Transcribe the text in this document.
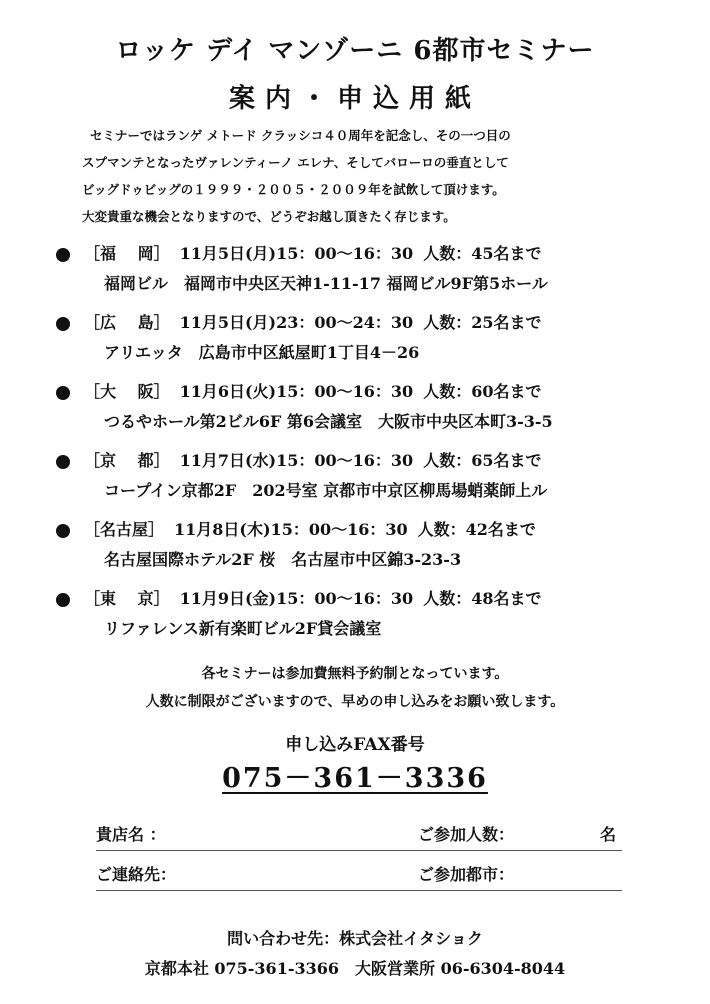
ロッケ デイ マンゾーニ 6都市セミナー
案内・申込用紙
セミナーではランゲ メトード クラッシコ４０周年を記念し、その一つ目の
スプマンテとなったヴァレンティーノ エレナ、そしてバローロの垂直として
ビッグドゥビッグの１９９９・２００５・２００９年を試飲して頂けます。
大変貴重な機会となりますので、どうぞお越し頂きたく存じます。
［福　 岡］ 11月5日(月)15：00～16：30 人数：45名まで
福岡ビル　福岡市中央区天神1-11-17 福岡ビル9F第5ホール
［広　 島］ 11月5日(月)23：00～24：30 人数：25名まで
アリエッタ　広島市中区紙屋町1丁目4－26
［大　 阪］ 11月6日(火)15：00～16：30 人数：60名まで
つるやホール第2ビル6F 第6会議室　大阪市中央区本町3-3-5
［京　 都］ 11月7日(水)15：00～16：30 人数：65名まで
コープイン京都2F　202号室 京都市中京区柳馬場蛸薬師上ル
［名古屋］ 11月8日(木)15：00～16：30 人数：42名まで
名古屋国際ホテル2F 桜　名古屋市中区錦3-23-3
［東　 京］ 11月9日(金)15：00～16：30 人数：48名まで
リファレンス新有楽町ビル2F貸会議室
各セミナーは参加費無料予約制となっています。
人数に制限がございますので、早めの申し込みをお願い致します。
申し込みFAX番号
075－361－3336
貴店名 ：	ご参加人数：	名
ご連絡先：	ご参加都市：
問い合わせ先：株式会社イタショク
京都本社 075-361-3366　大阪営業所 06-6304-8044
